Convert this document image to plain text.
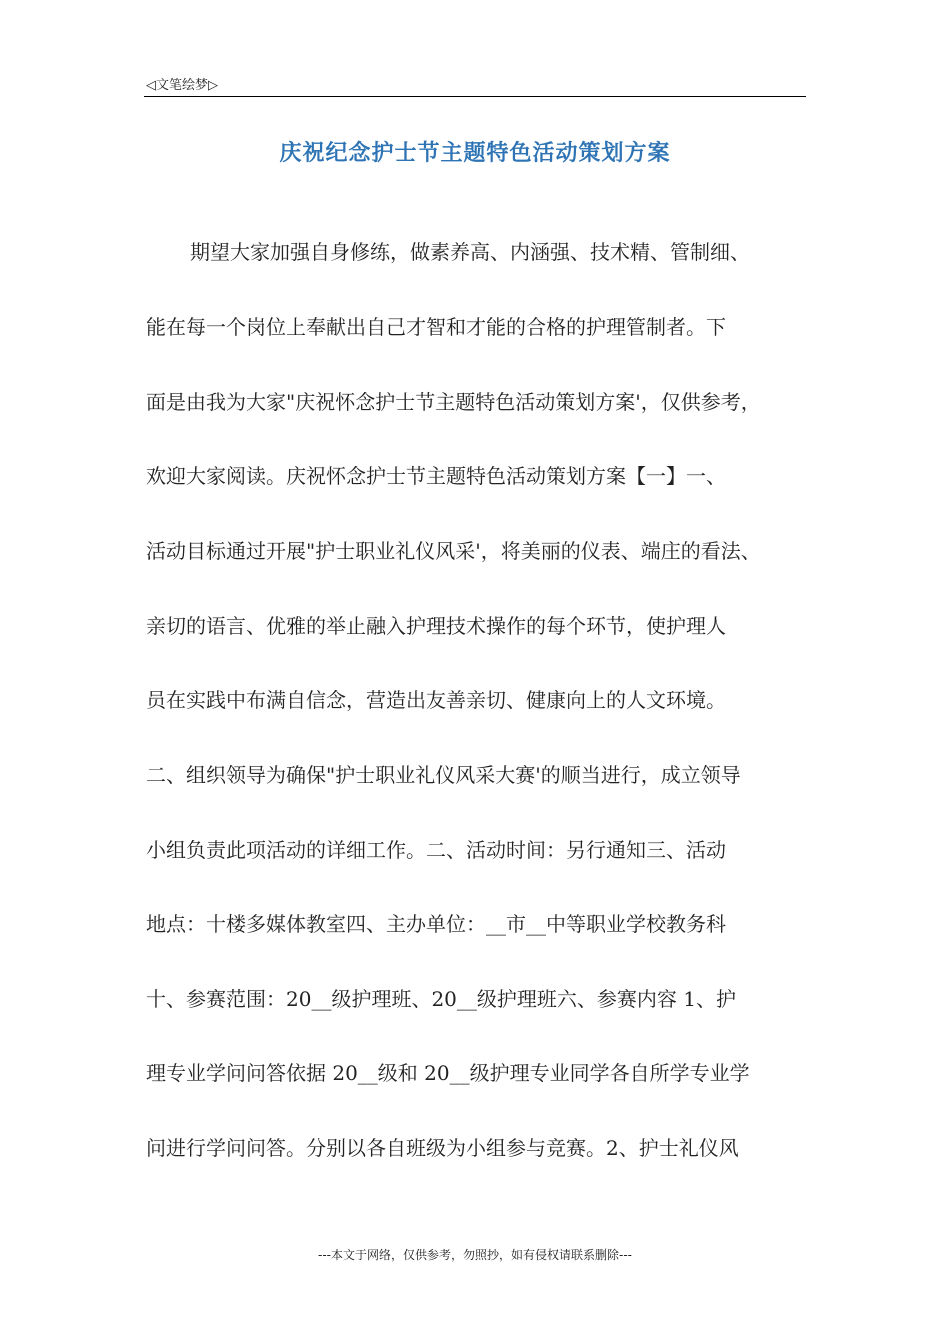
◁文笔绘梦▷
庆祝纪念护士节主题特色活动策划方案
期望大家加强自身修练，做素养高、内涵强、技术精、管制细、
能在每一个岗位上奉献出自己才智和才能的合格的护理管制者。下
面是由我为大家"庆祝怀念护士节主题特色活动策划方案'，仅供参考，
欢迎大家阅读。庆祝怀念护士节主题特色活动策划方案【一】一、
活动目标通过开展"护士职业礼仪风采'，将美丽的仪表、端庄的看法、
亲切的语言、优雅的举止融入护理技术操作的每个环节，使护理人
员在实践中布满自信念，营造出友善亲切、健康向上的人文环境。
二、组织领导为确保"护士职业礼仪风采大赛'的顺当进行，成立领导
小组负责此项活动的详细工作。二、活动时间：另行通知三、活动
地点：十楼多媒体教室四、主办单位：__市__中等职业学校教务科
十、参赛范围：20__级护理班、20__级护理班六、参赛内容 1、护
理专业学问问答依据 20__级和 20__级护理专业同学各自所学专业学
问进行学问问答。分别以各自班级为小组参与竞赛。2、护士礼仪风
---本文于网络，仅供参考，勿照抄，如有侵权请联系删除---
